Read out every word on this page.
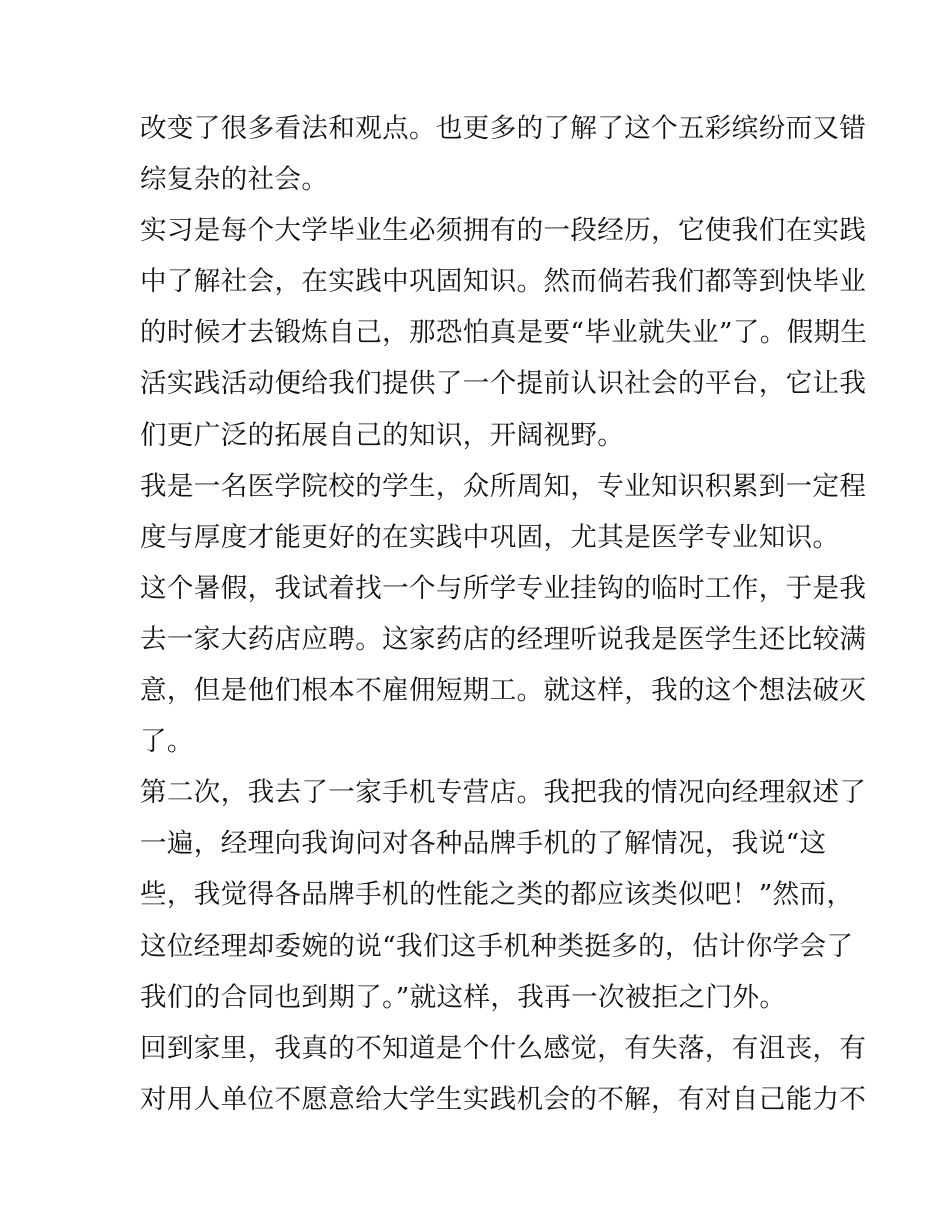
改变了很多看法和观点。也更多的了解了这个五彩缤纷而又错
综复杂的社会。
实习是每个大学毕业生必须拥有的一段经历，它使我们在实践
中了解社会，在实践中巩固知识。然而倘若我们都等到快毕业
的时候才去锻炼自己，那恐怕真是要“毕业就失业”了。假期生
活实践活动便给我们提供了一个提前认识社会的平台，它让我
们更广泛的拓展自己的知识，开阔视野。
我是一名医学院校的学生，众所周知，专业知识积累到一定程
度与厚度才能更好的在实践中巩固，尤其是医学专业知识。
这个暑假，我试着找一个与所学专业挂钩的临时工作，于是我
去一家大药店应聘。这家药店的经理听说我是医学生还比较满
意，但是他们根本不雇佣短期工。就这样，我的这个想法破灭
了。
第二次，我去了一家手机专营店。我把我的情况向经理叙述了
一遍，经理向我询问对各种品牌手机的了解情况，我说“这
些，我觉得各品牌手机的性能之类的都应该类似吧！”然而，
这位经理却委婉的说“我们这手机种类挺多的，估计你学会了
我们的合同也到期了。”就这样，我再一次被拒之门外。
回到家里，我真的不知道是个什么感觉，有失落，有沮丧，有
对用人单位不愿意给大学生实践机会的不解，有对自己能力不
